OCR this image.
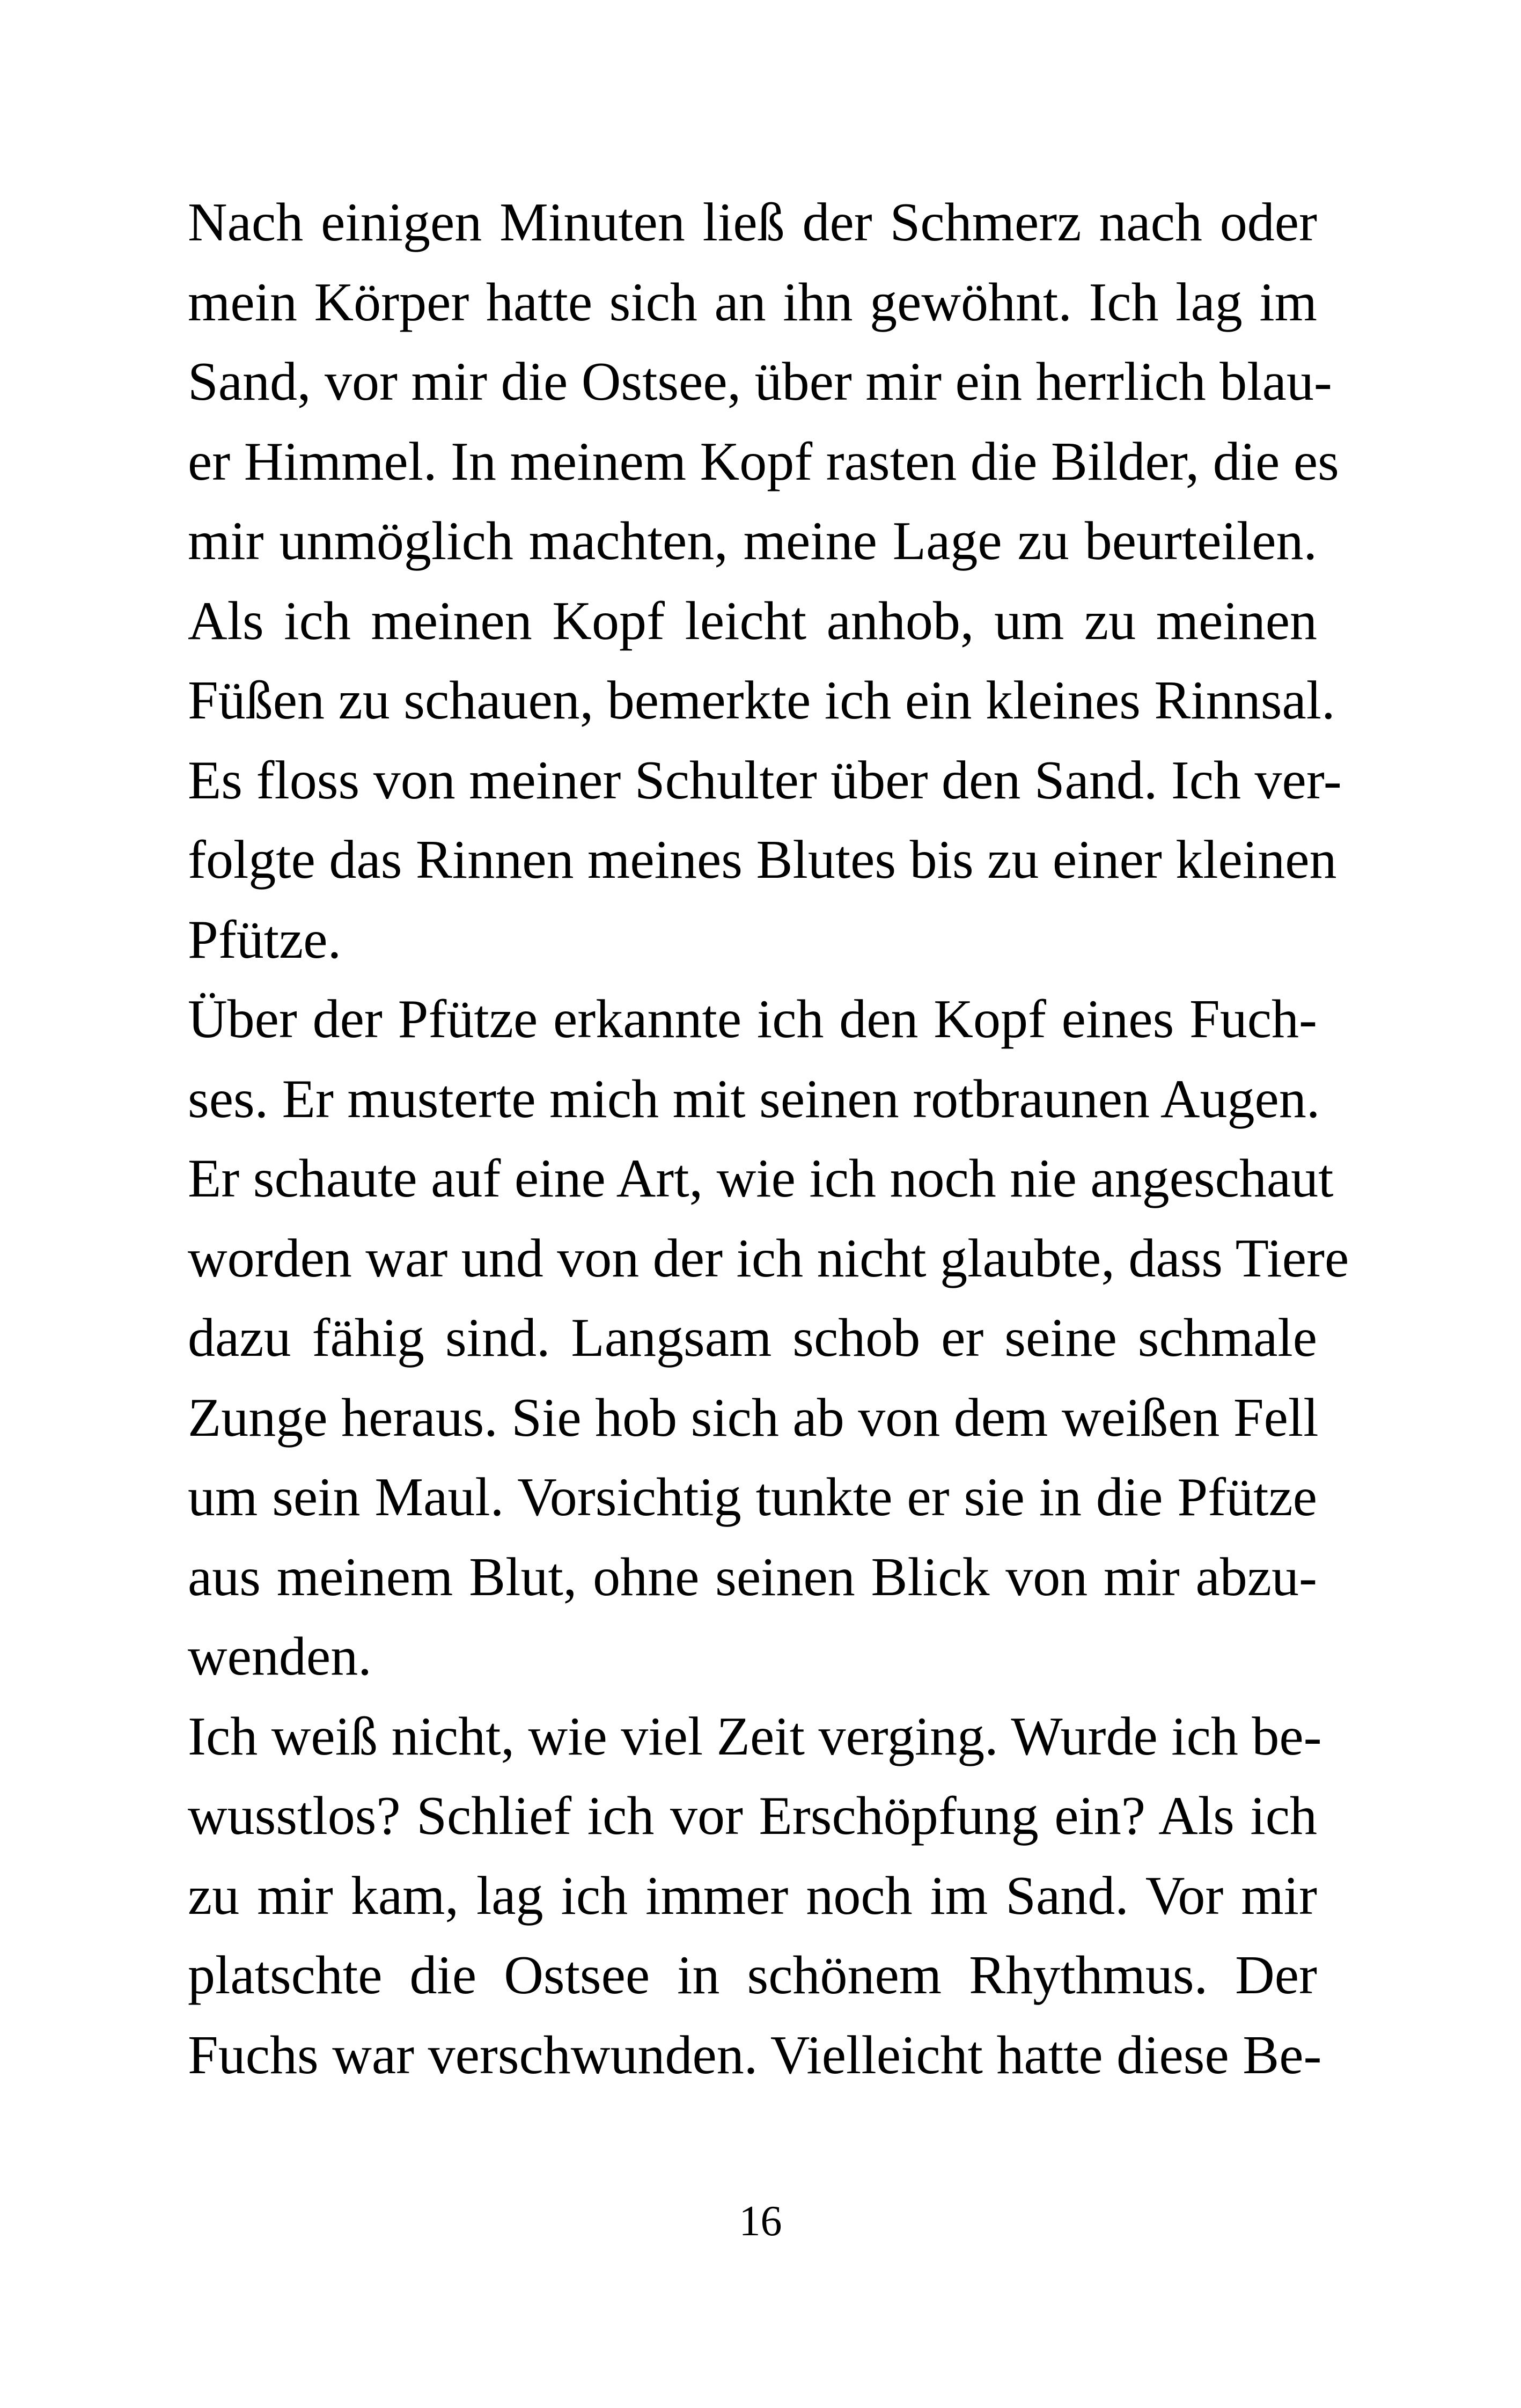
Nach einigen Minuten ließ der Schmerz nach oder
mein Körper hatte sich an ihn gewöhnt. Ich lag im
Sand, vor mir die Ostsee, über mir ein herrlich blau-
er Himmel. In meinem Kopf rasten die Bilder, die es
mir unmöglich machten, meine Lage zu beurteilen.
Als ich meinen Kopf leicht anhob, um zu meinen
Füßen zu schauen, bemerkte ich ein kleines Rinnsal.
Es floss von meiner Schulter über den Sand. Ich ver-
folgte das Rinnen meines Blutes bis zu einer kleinen
Pfütze.
Über der Pfütze erkannte ich den Kopf eines Fuch-
ses. Er musterte mich mit seinen rotbraunen Augen.
Er schaute auf eine Art, wie ich noch nie angeschaut
worden war und von der ich nicht glaubte, dass Tiere
dazu fähig sind. Langsam schob er seine schmale
Zunge heraus. Sie hob sich ab von dem weißen Fell
um sein Maul. Vorsichtig tunkte er sie in die Pfütze
aus meinem Blut, ohne seinen Blick von mir abzu-
wenden.
Ich weiß nicht, wie viel Zeit verging. Wurde ich be-
wusstlos? Schlief ich vor Erschöpfung ein? Als ich
zu mir kam, lag ich immer noch im Sand. Vor mir
platschte die Ostsee in schönem Rhythmus. Der
Fuchs war verschwunden. Vielleicht hatte diese Be-
16
